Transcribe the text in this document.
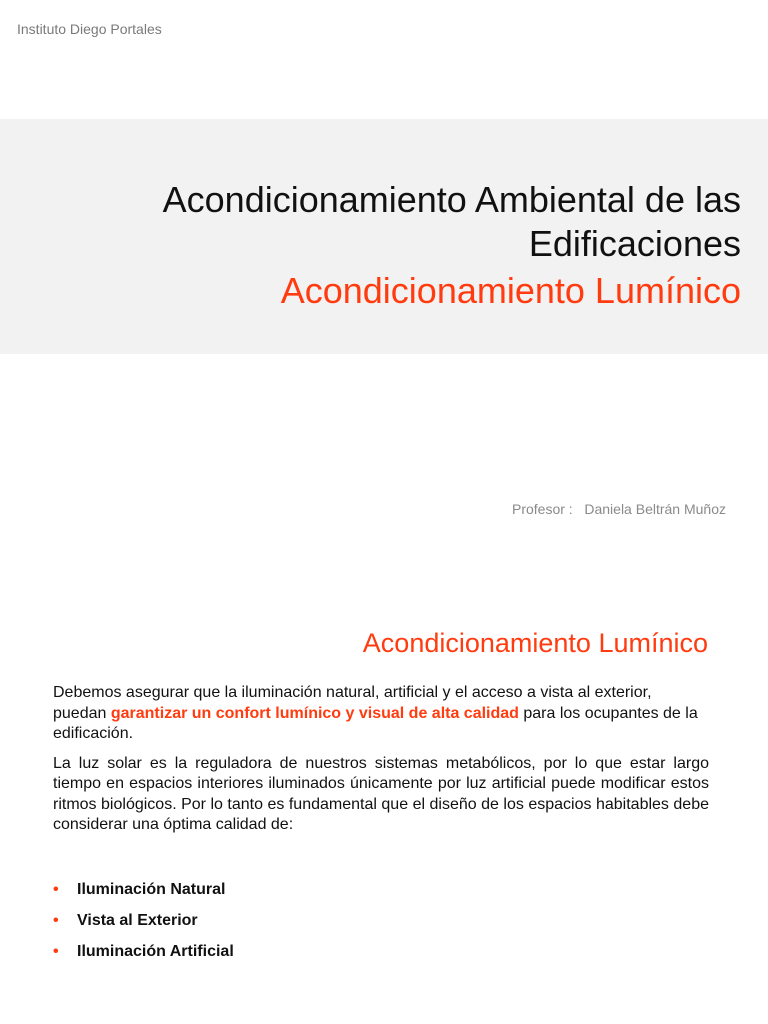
Instituto Diego Portales
Acondicionamiento Ambiental de las
Edificaciones
Acondicionamiento Lumínico
Profesor : Daniela Beltrán Muñoz
Acondicionamiento Lumínico

Debemos asegurar que la iluminación natural, artificial y el acceso a vista al exterior, puedan garantizar un confort lumínico y visual de alta calidad para los ocupantes de la edificación.

La luz solar es la reguladora de nuestros sistemas metabólicos, por lo que estar largo tiempo en espacios interiores iluminados únicamente por luz artificial puede modificar estos ritmos biológicos. Por lo tanto es fundamental que el diseño de los espacios habitables debe considerar una óptima calidad de:

• Iluminación Natural
• Vista al Exterior
• Iluminación Artificial
